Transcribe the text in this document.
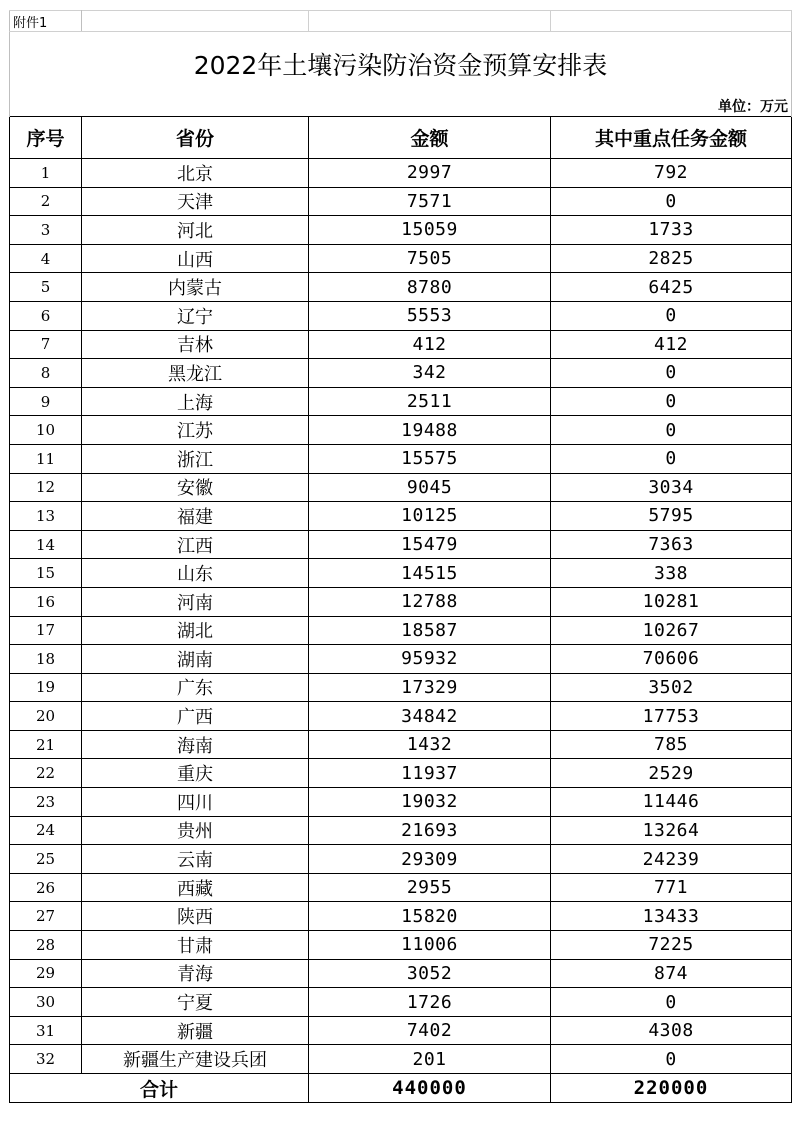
附件1			
2022年土壤污染防治资金预算安排表			
单位：万元			
序号	省份	金额	其中重点任务金额
1	北京	2997	792
2	天津	7571	0
3	河北	15059	1733
4	山西	7505	2825
5	内蒙古	8780	6425
6	辽宁	5553	0
7	吉林	412	412
8	黑龙江	342	0
9	上海	2511	0
10	江苏	19488	0
11	浙江	15575	0
12	安徽	9045	3034
13	福建	10125	5795
14	江西	15479	7363
15	山东	14515	338
16	河南	12788	10281
17	湖北	18587	10267
18	湖南	95932	70606
19	广东	17329	3502
20	广西	34842	17753
21	海南	1432	785
22	重庆	11937	2529
23	四川	19032	11446
24	贵州	21693	13264
25	云南	29309	24239
26	西藏	2955	771
27	陕西	15820	13433
28	甘肃	11006	7225
29	青海	3052	874
30	宁夏	1726	0
31	新疆	7402	4308
32	新疆生产建设兵团	201	0
合计		440000	220000
